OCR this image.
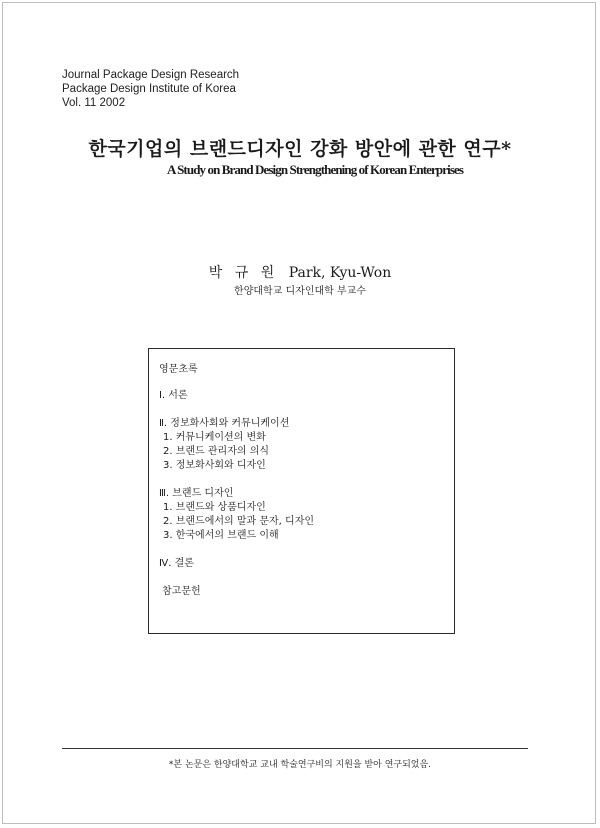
Journal Package Design Research
Package Design Institute of Korea
Vol. 11 2002
한국기업의 브랜드디자인 강화 방안에 관한 연구*
A Study on Brand Design Strengthening of Korean Enterprises
박 규 원 Park, Kyu-Won
한양대학교 디자인대학 부교수
영문초록
Ⅰ. 서론
Ⅱ. 정보화사회와 커뮤니케이션
1. 커뮤니케이션의 변화
2. 브랜드 관리자의 의식
3. 정보화사회와 디자인
Ⅲ. 브랜드 디자인
1. 브랜드와 상품디자인
2. 브랜드에서의 말과 문자, 디자인
3. 한국에서의 브랜드 이해
Ⅳ. 결론
참고문헌
*본 논문은 한양대학교 교내 학술연구비의 지원을 받아 연구되었음.
